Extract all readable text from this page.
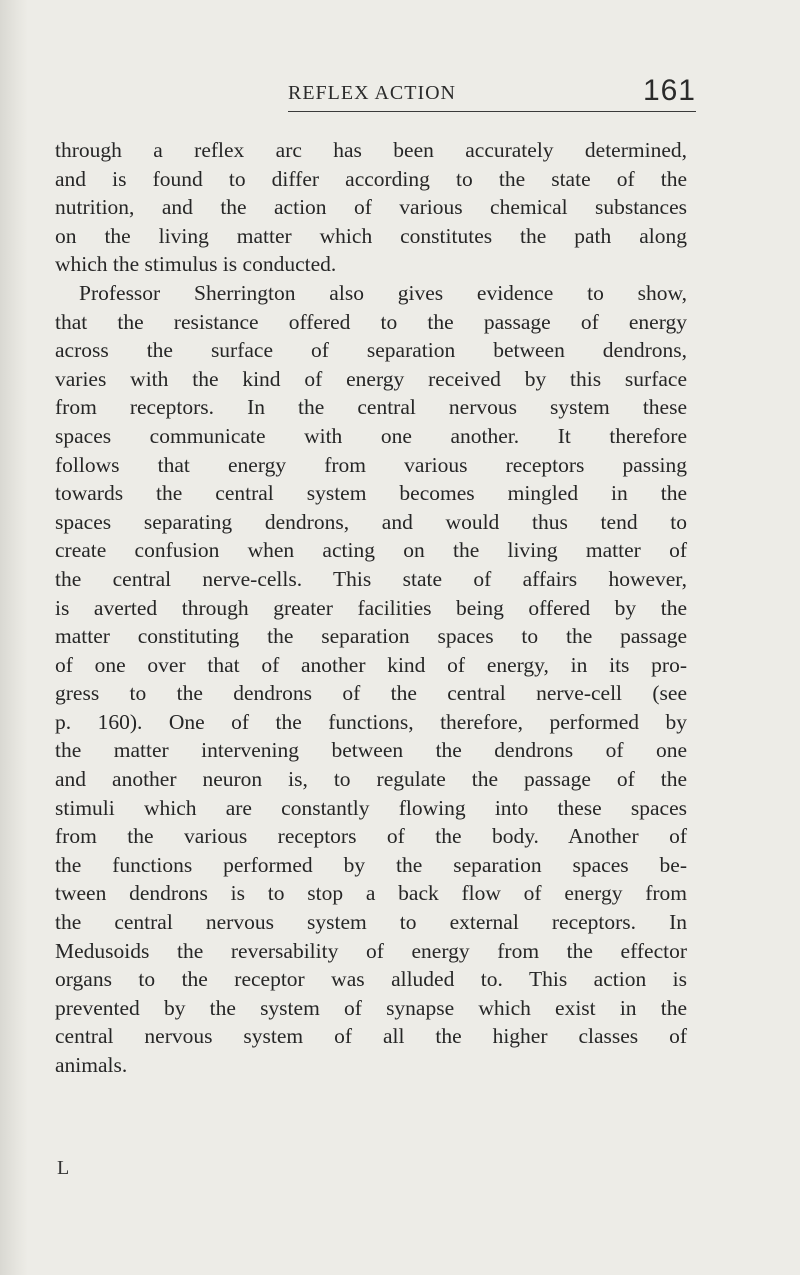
REFLEX ACTION	161
through a reflex arc has been accurately determined,
and is found to differ according to the state of the
nutrition, and the action of various chemical substances
on the living matter which constitutes the path along
which the stimulus is conducted.
Professor Sherrington also gives evidence to show,
that the resistance offered to the passage of energy
across the surface of separation between dendrons,
varies with the kind of energy received by this surface
from receptors. In the central nervous system these
spaces communicate with one another. It therefore
follows that energy from various receptors passing
towards the central system becomes mingled in the
spaces separating dendrons, and would thus tend to
create confusion when acting on the living matter of
the central nerve-cells. This state of affairs however,
is averted through greater facilities being offered by the
matter constituting the separation spaces to the passage
of one over that of another kind of energy, in its pro-
gress to the dendrons of the central nerve-cell (see
p. 160). One of the functions, therefore, performed by
the matter intervening between the dendrons of one
and another neuron is, to regulate the passage of the
stimuli which are constantly flowing into these spaces
from the various receptors of the body. Another of
the functions performed by the separation spaces be-
tween dendrons is to stop a back flow of energy from
the central nervous system to external receptors. In
Medusoids the reversability of energy from the effector
organs to the receptor was alluded to. This action is
prevented by the system of synapse which exist in the
central nervous system of all the higher classes of
animals.
L
